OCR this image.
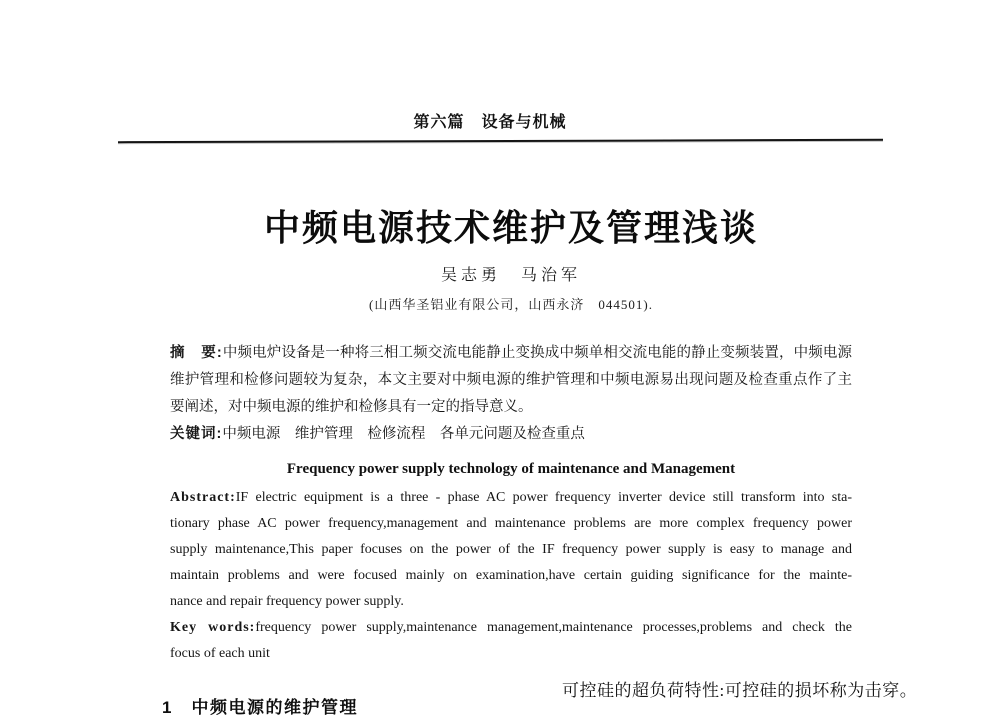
第六篇　设备与机械
中频电源技术维护及管理浅谈
吴志勇　马治军
(山西华圣铝业有限公司，山西永济　044501).
摘　要:中频电炉设备是一种将三相工频交流电能静止变换成中频单相交流电能的静止变频装置，中频电源
维护管理和检修问题较为复杂，本文主要对中频电源的维护管理和中频电源易出现问题及检查重点作了主
要阐述，对中频电源的维护和检修具有一定的指导意义。
关键词:中频电源　维护管理　检修流程　各单元问题及检查重点
Frequency power supply technology of maintenance and Management
Abstract:IF electric equipment is a three - phase AC power frequency inverter device still transform into sta-
tionary phase AC power frequency,management and maintenance problems are more complex frequency power
supply maintenance,This paper focuses on the power of the IF frequency power supply is easy to manage and
maintain problems and were focused mainly on examination,have certain guiding significance for the mainte-
nance and repair frequency power supply.
Key words:frequency power supply,maintenance management,maintenance processes,problems and check the
focus of each unit
可控硅的超负荷特性:可控硅的损坏称为击穿。
1　中频电源的维护管理
